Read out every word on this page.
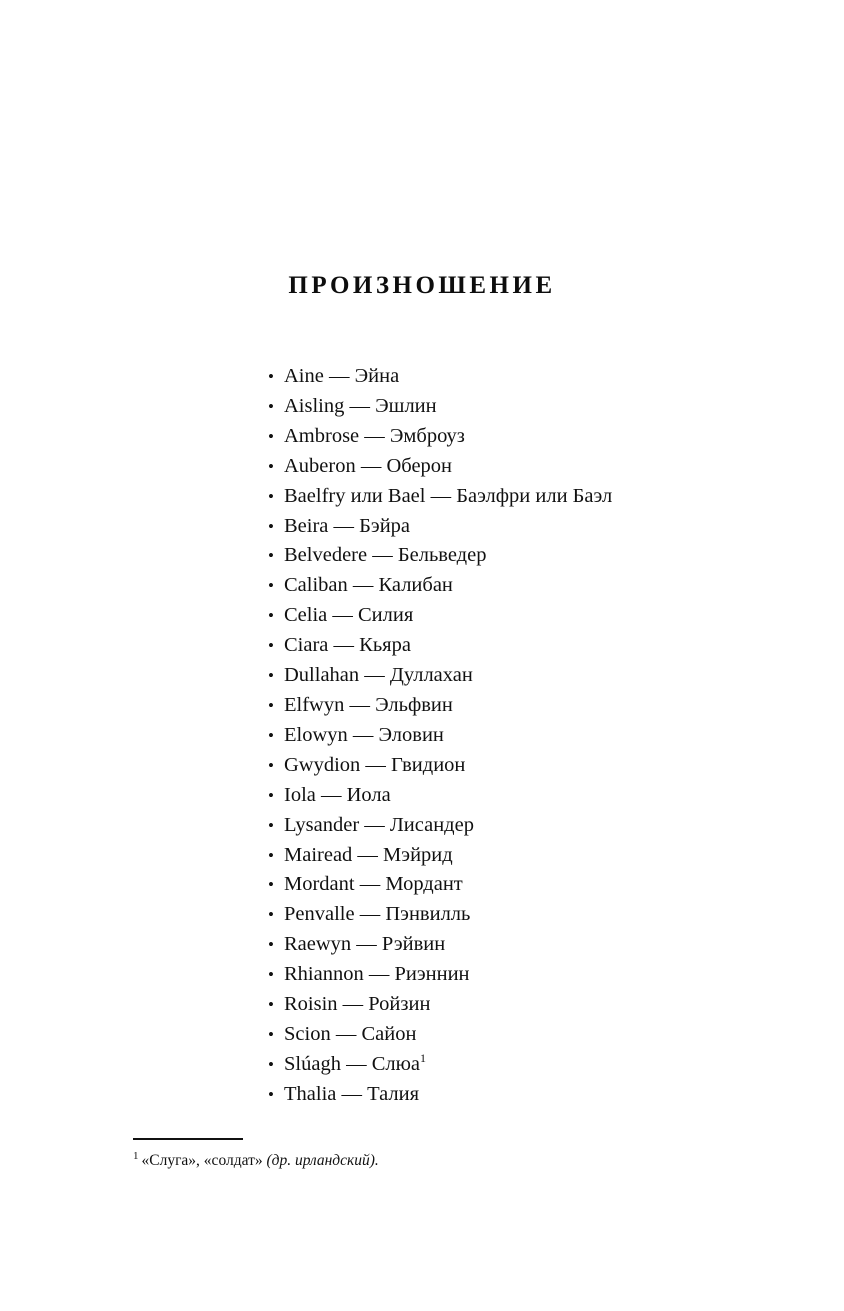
ПРОИЗНОШЕНИЕ
• Aine — Эйна
• Aisling — Эшлин
• Ambrose — Эмброуз
• Auberon — Оберон
• Baelfry или Bael — Баэлфри или Баэл
• Beira — Бэйра
• Belvedere — Бельведер
• Caliban — Калибан
• Celia — Силия
• Ciara — Кьяра
• Dullahan — Дуллахан
• Elfwyn — Эльфвин
• Elowyn — Эловин
• Gwydion — Гвидион
• Iola — Иола
• Lysander — Лисандер
• Mairead — Мэйрид
• Mordant — Мордант
• Penvalle — Пэнвилль
• Raewyn — Рэйвин
• Rhiannon — Риэннин
• Roisin — Ройзин
• Scion — Сайон
• Slúagh — Слюа$^1$
• Thalia — Талия
$^1$ «Слуга», «солдат» (др. ирландский).
